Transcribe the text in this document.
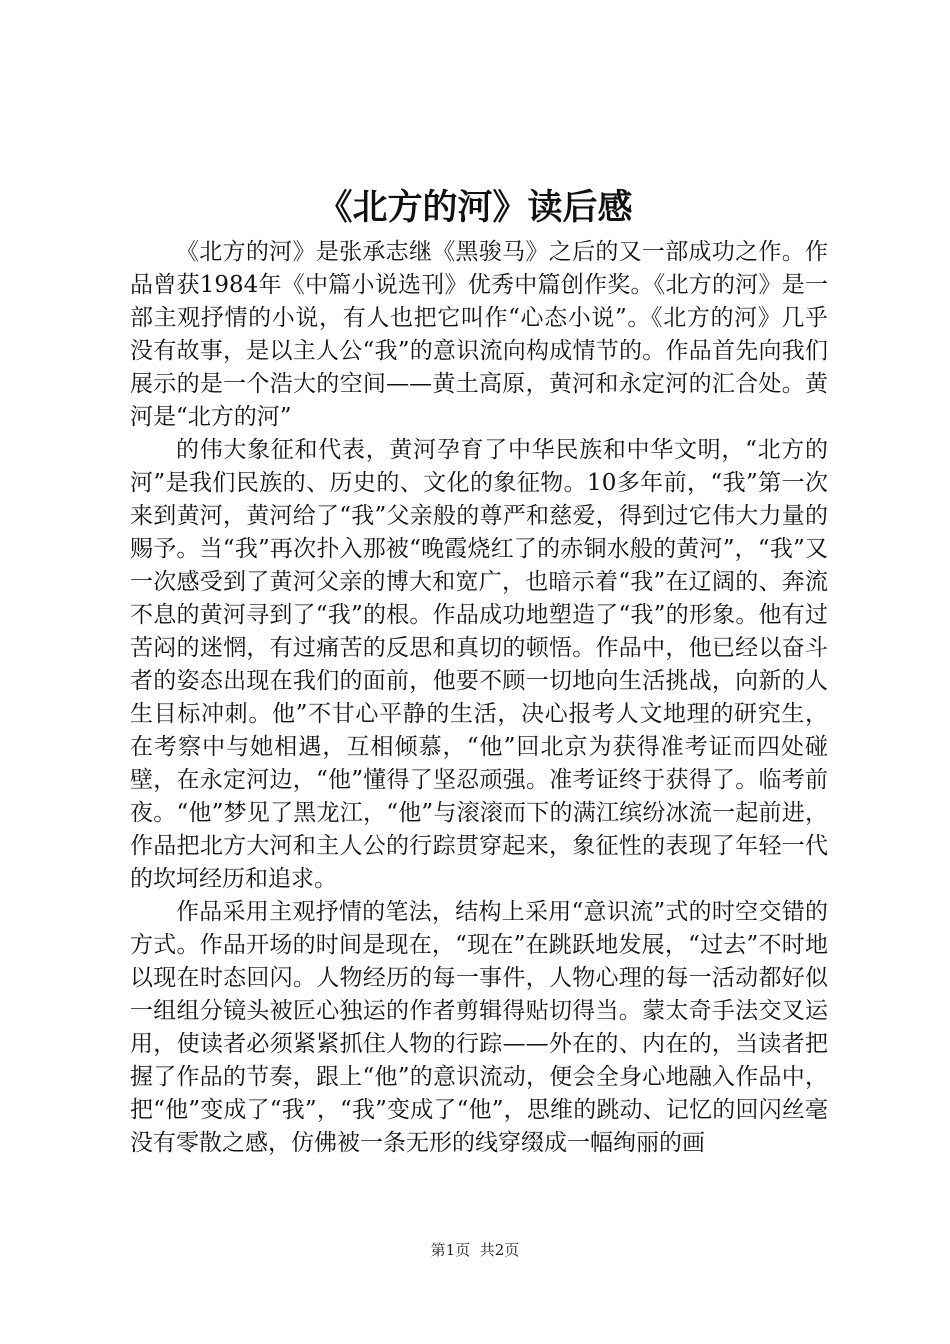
《北方的河》读后感

《北方的河》是张承志继《黑骏马》之后的又一部成功之作。作品曾获1984年《中篇小说选刊》优秀中篇创作奖。《北方的河》是一部主观抒情的小说，有人也把它叫作“心态小说”。《北方的河》几乎没有故事，是以主人公“我”的意识流向构成情节的。作品首先向我们展示的是一个浩大的空间——黄土高原，黄河和永定河的汇合处。黄河是“北方的河”

的伟大象征和代表，黄河孕育了中华民族和中华文明，“北方的河”是我们民族的、历史的、文化的象征物。10多年前，“我”第一次来到黄河，黄河给了“我”父亲般的尊严和慈爱，得到过它伟大力量的赐予。当“我”再次扑入那被“晚霞烧红了的赤铜水般的黄河”，“我”又一次感受到了黄河父亲的博大和宽广，也暗示着“我”在辽阔的、奔流不息的黄河寻到了“我”的根。作品成功地塑造了“我”的形象。他有过苦闷的迷惘，有过痛苦的反思和真切的顿悟。作品中，他已经以奋斗者的姿态出现在我们的面前，他要不顾一切地向生活挑战，向新的人生目标冲刺。他”不甘心平静的生活，决心报考人文地理的研究生，在考察中与她相遇，互相倾慕，“他”回北京为获得准考证而四处碰壁，在永定河边，“他”懂得了坚忍顽强。准考证终于获得了。临考前夜。“他”梦见了黑龙江，“他”与滚滚而下的满江缤纷冰流一起前进，作品把北方大河和主人公的行踪贯穿起来，象征性的表现了年轻一代的坎坷经历和追求。

作品采用主观抒情的笔法，结构上采用“意识流”式的时空交错的方式。作品开场的时间是现在，“现在”在跳跃地发展，“过去”不时地以现在时态回闪。人物经历的每一事件，人物心理的每一活动都好似一组组分镜头被匠心独运的作者剪辑得贴切得当。蒙太奇手法交叉运用，使读者必须紧紧抓住人物的行踪——外在的、内在的，当读者把握了作品的节奏，跟上“他”的意识流动，便会全身心地融入作品中，把“他”变成了“我”，“我”变成了“他”，思维的跳动、记忆的回闪丝毫没有零散之感，仿佛被一条无形的线穿缀成一幅绚丽的画

第1页 共2页
